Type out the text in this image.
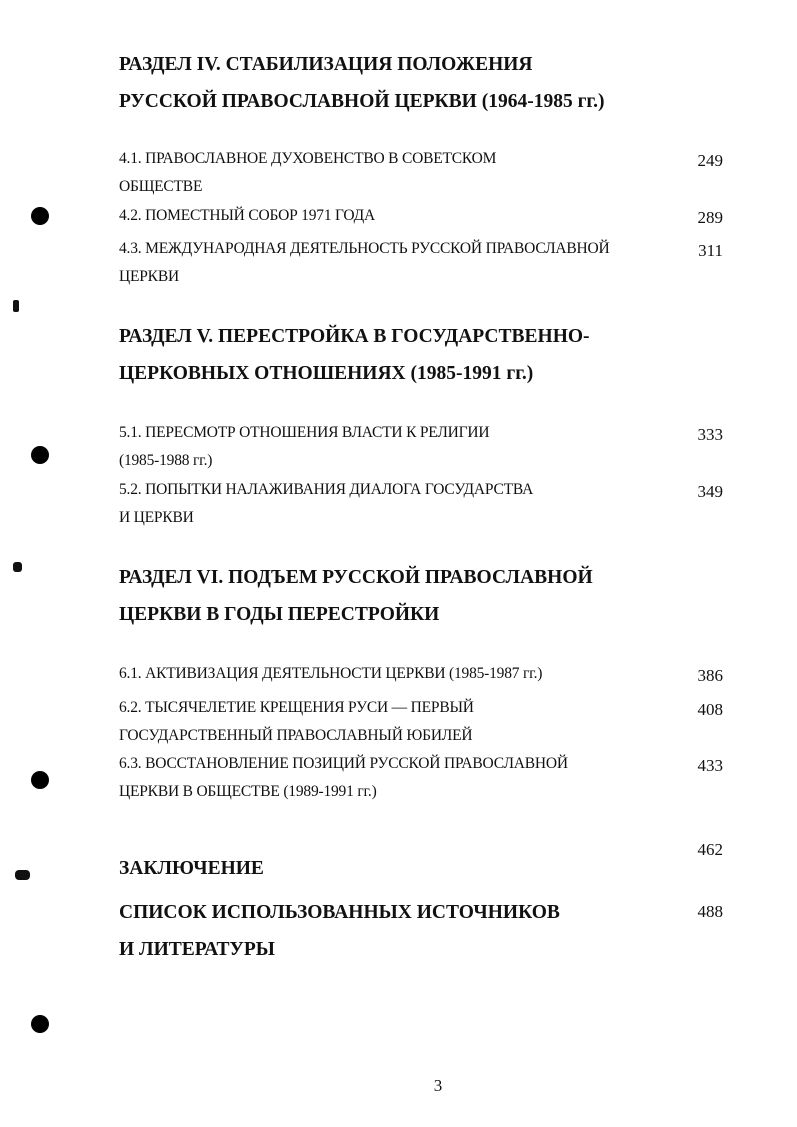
РАЗДЕЛ IV. СТАБИЛИЗАЦИЯ ПОЛОЖЕНИЯ
РУССКОЙ ПРАВОСЛАВНОЙ ЦЕРКВИ (1964-1985 гг.)
4.1. ПРАВОСЛАВНОЕ ДУХОВЕНСТВО В СОВЕТСКОМ
ОБЩЕСТВЕ
249
4.2. ПОМЕСТНЫЙ СОБОР 1971 ГОДА	289
4.3. МЕЖДУНАРОДНАЯ ДЕЯТЕЛЬНОСТЬ РУССКОЙ ПРАВОСЛАВНОЙ
ЦЕРКВИ
311
РАЗДЕЛ V. ПЕРЕСТРОЙКА В ГОСУДАРСТВЕННО-
ЦЕРКОВНЫХ ОТНОШЕНИЯХ (1985-1991 гг.)
5.1. ПЕРЕСМОТР ОТНОШЕНИЯ ВЛАСТИ К РЕЛИГИИ
(1985-1988 гг.)
333
5.2. ПОПЫТКИ НАЛАЖИВАНИЯ ДИАЛОГА ГОСУДАРСТВА
И ЦЕРКВИ
349
РАЗДЕЛ VI. ПОДЪЕМ РУССКОЙ ПРАВОСЛАВНОЙ
ЦЕРКВИ В ГОДЫ ПЕРЕСТРОЙКИ
6.1. АКТИВИЗАЦИЯ ДЕЯТЕЛЬНОСТИ ЦЕРКВИ (1985-1987 гг.)	386
6.2. ТЫСЯЧЕЛЕТИЕ КРЕЩЕНИЯ РУСИ — ПЕРВЫЙ
ГОСУДАРСТВЕННЫЙ ПРАВОСЛАВНЫЙ ЮБИЛЕЙ
408
6.3. ВОССТАНОВЛЕНИЕ ПОЗИЦИЙ РУССКОЙ ПРАВОСЛАВНОЙ
ЦЕРКВИ В ОБЩЕСТВЕ (1989-1991 гг.)
433
462
ЗАКЛЮЧЕНИЕ
СПИСОК ИСПОЛЬЗОВАННЫХ ИСТОЧНИКОВ
И ЛИТЕРАТУРЫ
488
3
